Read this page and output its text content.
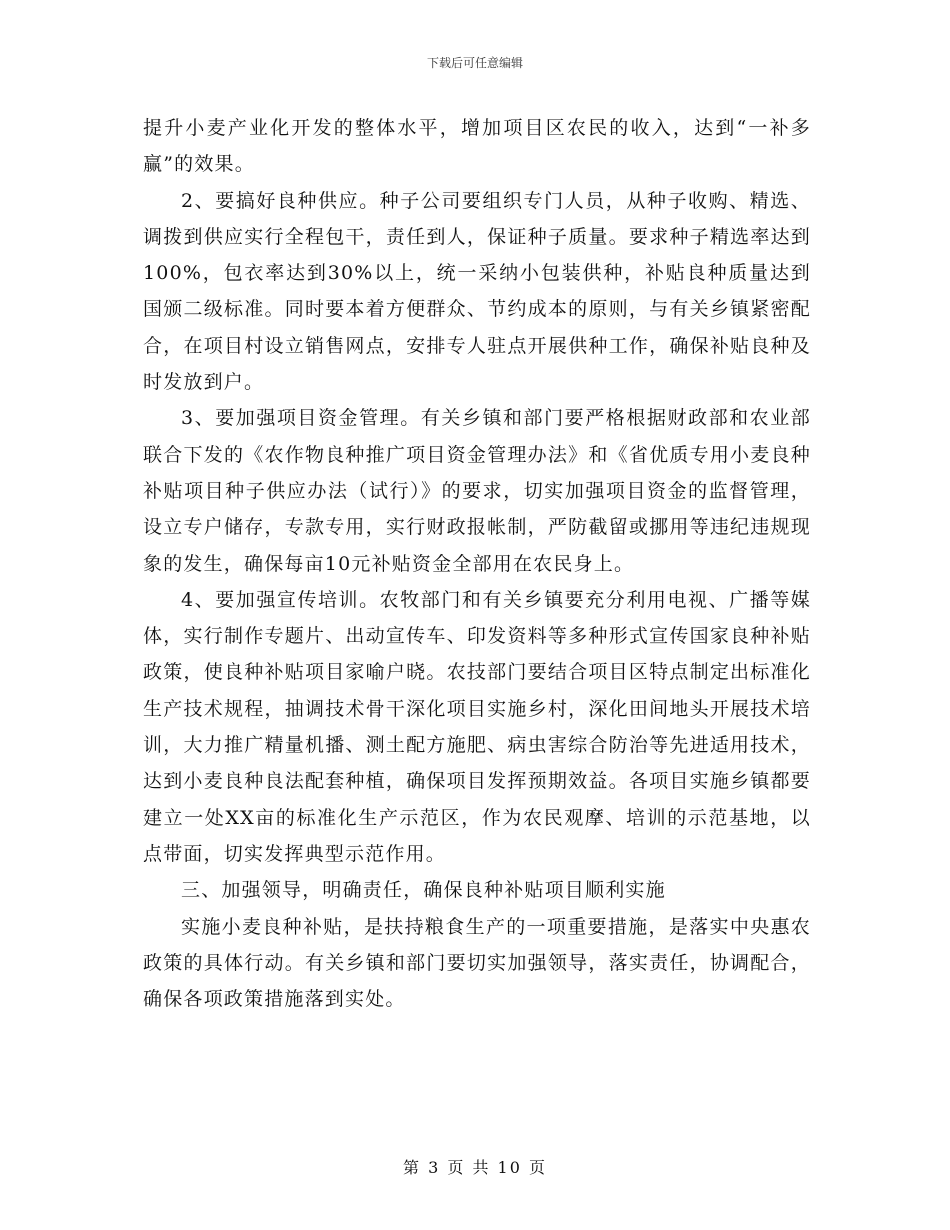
下载后可任意编辑

提升小麦产业化开发的整体水平，增加项目区农民的收入，达到“一补多赢”的效果。

2、要搞好良种供应。种子公司要组织专门人员，从种子收购、精选、调拨到供应实行全程包干，责任到人，保证种子质量。要求种子精选率达到100%，包衣率达到30%以上，统一采纳小包装供种，补贴良种质量达到国颁二级标准。同时要本着方便群众、节约成本的原则，与有关乡镇紧密配合，在项目村设立销售网点，安排专人驻点开展供种工作，确保补贴良种及时发放到户。

3、要加强项目资金管理。有关乡镇和部门要严格根据财政部和农业部联合下发的《农作物良种推广项目资金管理办法》和《省优质专用小麦良种补贴项目种子供应办法（试行）》的要求，切实加强项目资金的监督管理，设立专户储存，专款专用，实行财政报帐制，严防截留或挪用等违纪违规现象的发生，确保每亩10元补贴资金全部用在农民身上。

4、要加强宣传培训。农牧部门和有关乡镇要充分利用电视、广播等媒体，实行制作专题片、出动宣传车、印发资料等多种形式宣传国家良种补贴政策，使良种补贴项目家喻户晓。农技部门要结合项目区特点制定出标准化生产技术规程，抽调技术骨干深化项目实施乡村，深化田间地头开展技术培训，大力推广精量机播、测土配方施肥、病虫害综合防治等先进适用技术，达到小麦良种良法配套种植，确保项目发挥预期效益。各项目实施乡镇都要建立一处XX亩的标准化生产示范区，作为农民观摩、培训的示范基地，以点带面，切实发挥典型示范作用。

三、加强领导，明确责任，确保良种补贴项目顺利实施

实施小麦良种补贴，是扶持粮食生产的一项重要措施，是落实中央惠农政策的具体行动。有关乡镇和部门要切实加强领导，落实责任，协调配合，确保各项政策措施落到实处。

第 3 页 共 10 页
